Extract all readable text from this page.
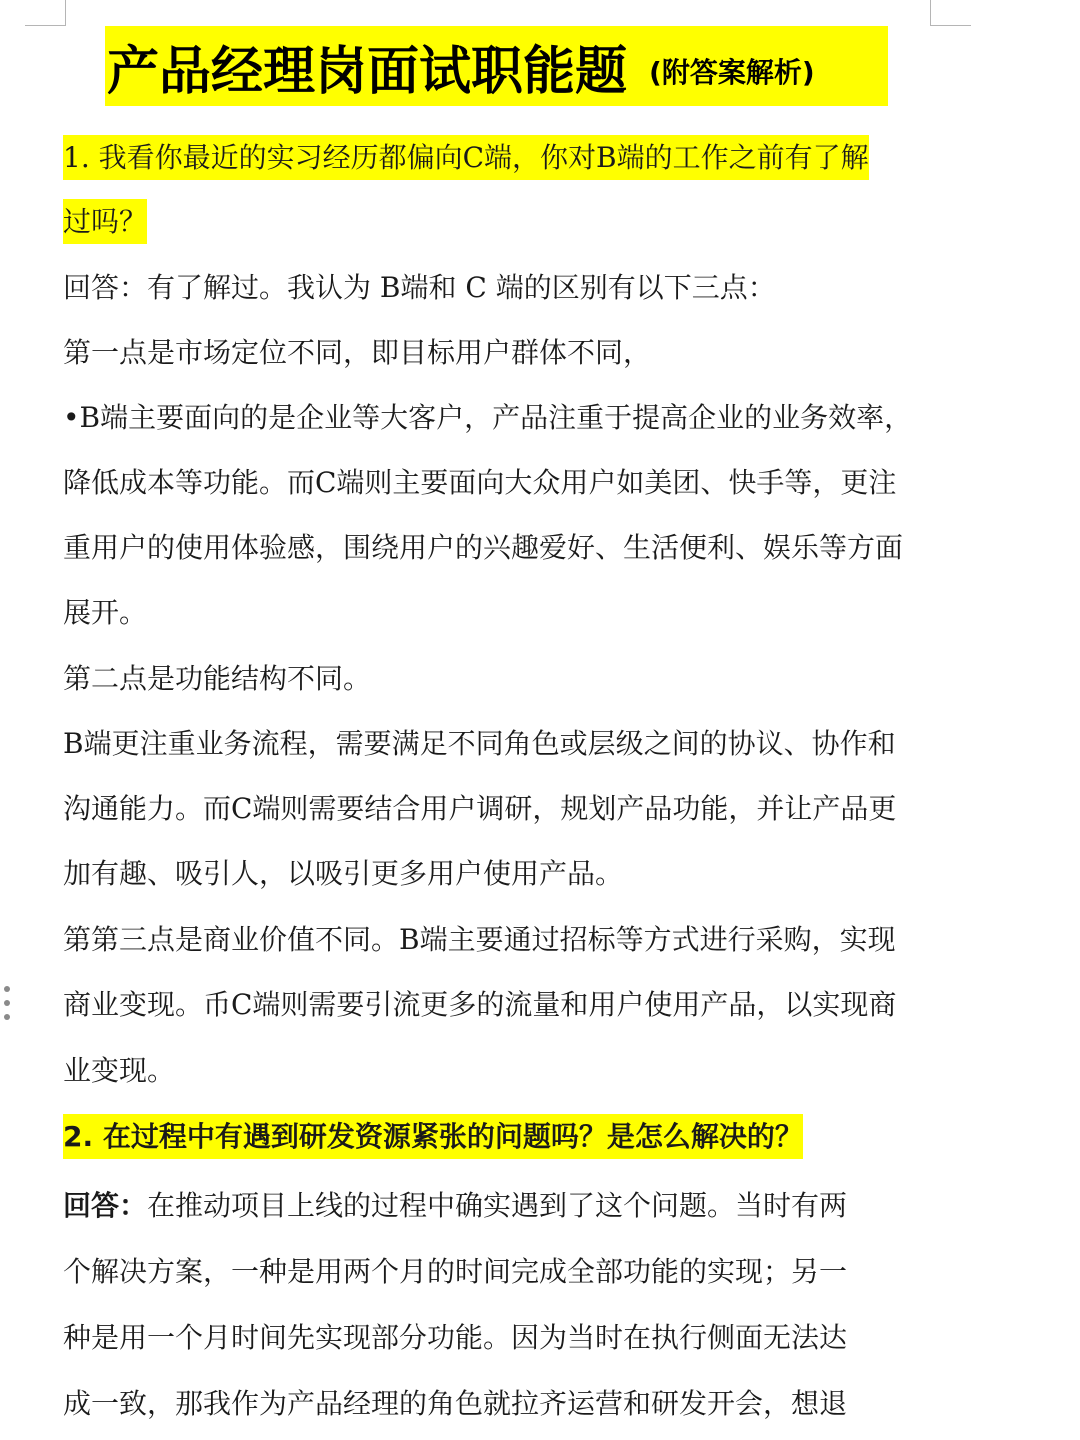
产品经理岗面试职能题 (附答案解析)
1. 我看你最近的实习经历都偏向C端，你对B端的工作之前有了解
过吗？
回答：有了解过。我认为 B端和 C 端的区别有以下三点：
第一点是市场定位不同，即目标用户群体不同，
•B端主要面向的是企业等大客户，产品注重于提高企业的业务效率，
降低成本等功能。而C端则主要面向大众用户如美团、快手等，更注
重用户的使用体验感，围绕用户的兴趣爱好、生活便利、娱乐等方面
展开。
第二点是功能结构不同。
B端更注重业务流程，需要满足不同角色或层级之间的协议、协作和
沟通能力。而C端则需要结合用户调研，规划产品功能，并让产品更
加有趣、吸引人，以吸引更多用户使用产品。
第第三点是商业价值不同。B端主要通过招标等方式进行采购，实现
商业变现。币C端则需要引流更多的流量和用户使用产品，以实现商
业变现。
2. 在过程中有遇到研发资源紧张的问题吗？是怎么解决的？
回答：在推动项目上线的过程中确实遇到了这个问题。当时有两
个解决方案，一种是用两个月的时间完成全部功能的实现；另一
种是用一个月时间先实现部分功能。因为当时在执行侧面无法达
成一致，那我作为产品经理的角色就拉齐运营和研发开会，想退
